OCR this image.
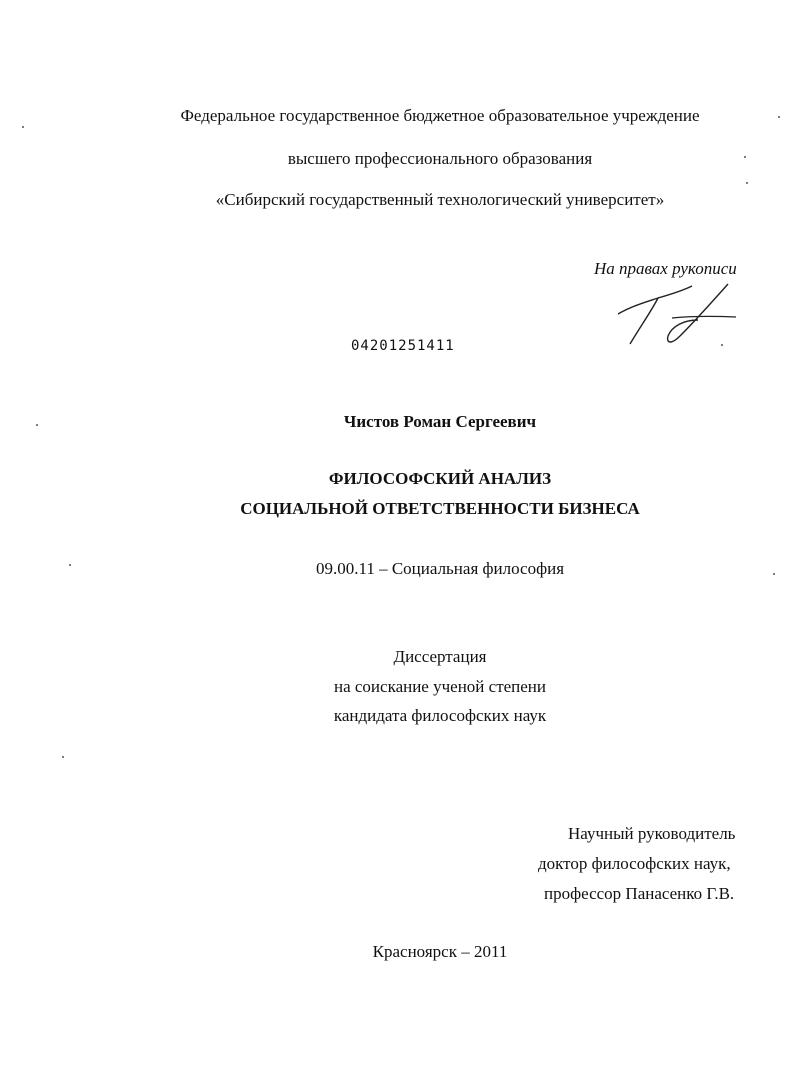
Федеральное государственное бюджетное образовательное учреждение
высшего профессионального образования
«Сибирский государственный технологический университет»
На правах рукописи
04201251411
Чистов Роман Сергеевич
ФИЛОСОФСКИЙ АНАЛИЗ
СОЦИАЛЬНОЙ ОТВЕТСТВЕННОСТИ БИЗНЕСА
09.00.11 – Социальная философия
Диссертация
на соискание ученой степени
кандидата философских наук
Научный руководитель
доктор философских наук,
профессор Панасенко Г.В.
Красноярск – 2011
